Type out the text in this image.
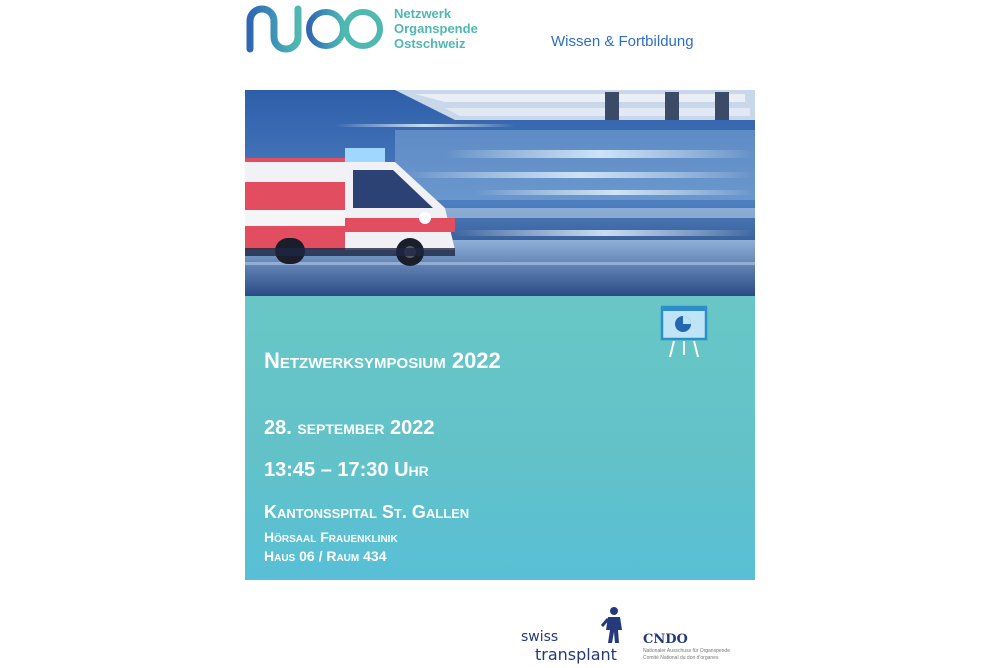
Netzwerk
Organspende
Ostschweiz	Wissen & Fortbildung
Netzwerksymposium 2022
28. september 2022
13:45 – 17:30 Uhr
Kantonsspital St. Gallen
Hörsaal Frauenklinik
Haus 06 / Raum 434
swiss
transplant
CNDO
Nationaler Ausschuss für Organspende
Comité National du don d'organes
